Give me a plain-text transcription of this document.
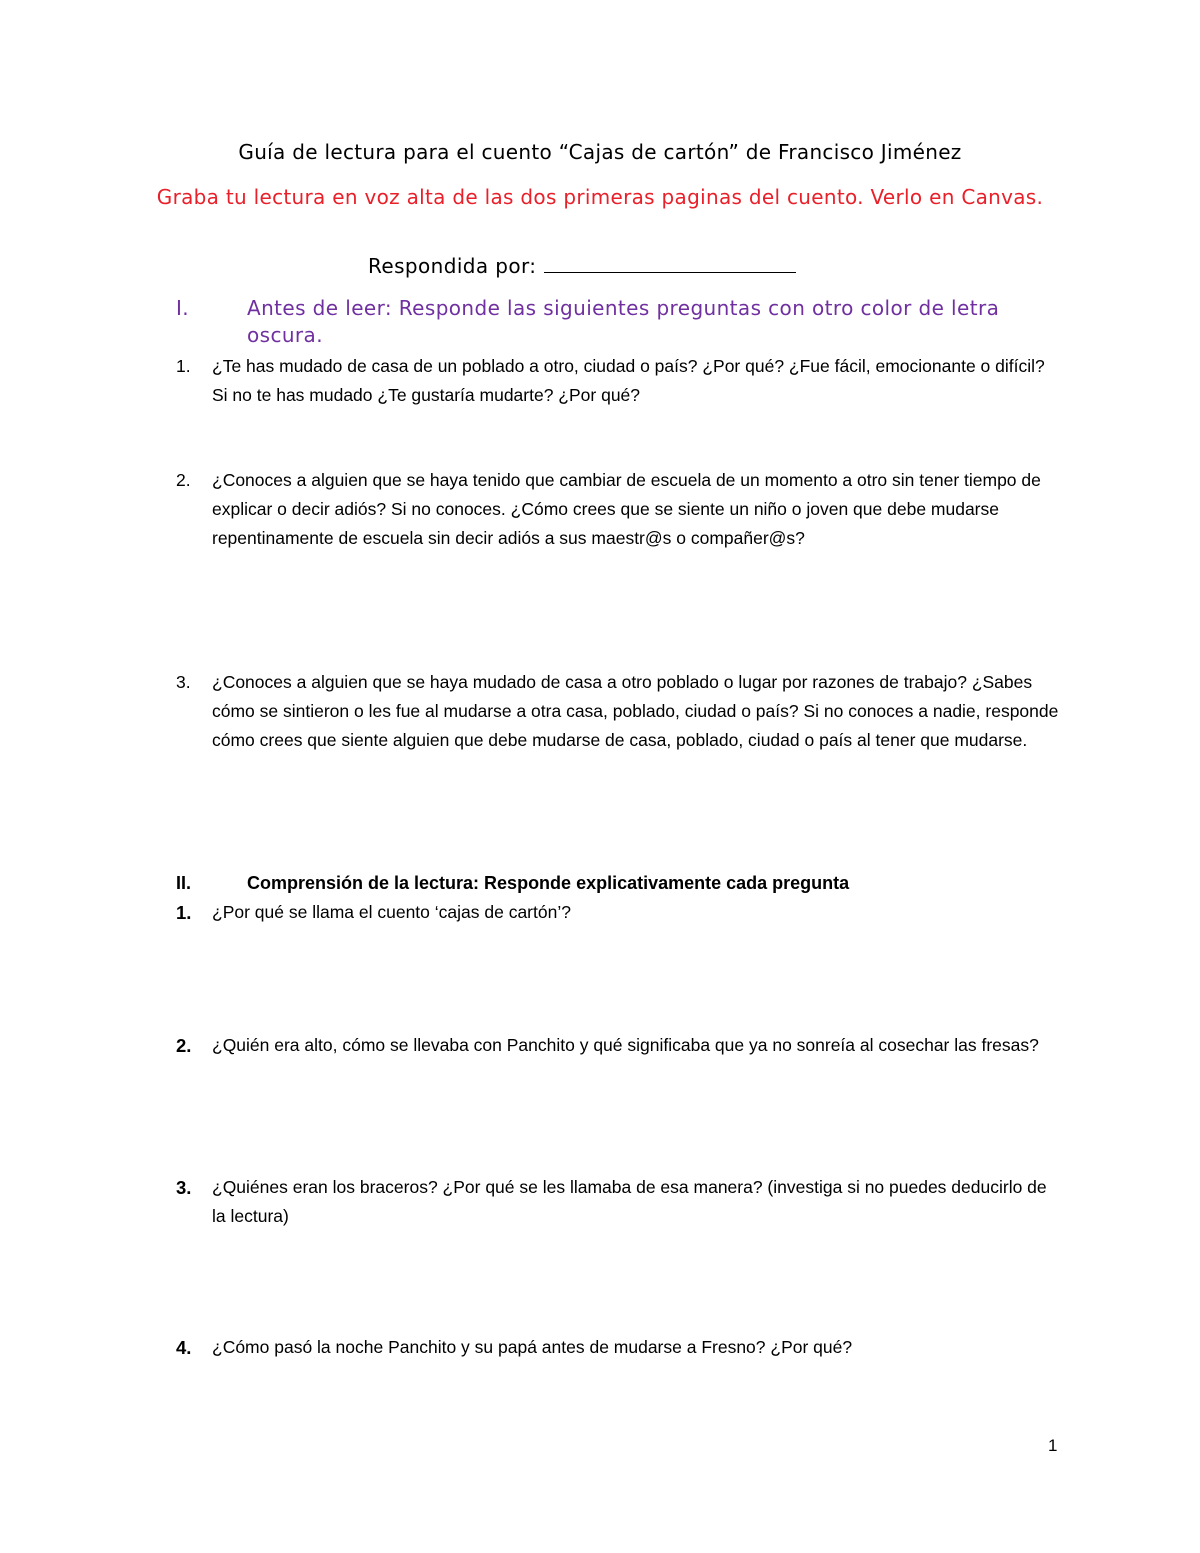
Guía de lectura para el cuento “Cajas de cartón” de Francisco Jiménez
Graba tu lectura en voz alta de las dos primeras paginas del cuento. Verlo en Canvas.
Respondida por:
I.	Antes de leer: Responde las siguientes preguntas con otro color de letra oscura.
1. ¿Te has mudado de casa de un poblado a otro, ciudad o país? ¿Por qué? ¿Fue fácil, emocionante o difícil? Si no te has mudado ¿Te gustaría mudarte? ¿Por qué?
2. ¿Conoces a alguien que se haya tenido que cambiar de escuela de un momento a otro sin tener tiempo de explicar o decir adiós? Si no conoces. ¿Cómo crees que se siente un niño o joven que debe mudarse repentinamente de escuela sin decir adiós a sus maestr@s o compañer@s?
3. ¿Conoces a alguien que se haya mudado de casa a otro poblado o lugar por razones de trabajo? ¿Sabes cómo se sintieron o les fue al mudarse a otra casa, poblado, ciudad o país? Si no conoces a nadie, responde cómo crees que siente alguien que debe mudarse de casa, poblado, ciudad o país al tener que mudarse.
II.	Comprensión de la lectura: Responde explicativamente cada pregunta
1. ¿Por qué se llama el cuento ‘cajas de cartón’?
2. ¿Quién era alto, cómo se llevaba con Panchito y qué significaba que ya no sonreía al cosechar las fresas?
3. ¿Quiénes eran los braceros? ¿Por qué se les llamaba de esa manera? (investiga si no puedes deducirlo de la lectura)
4. ¿Cómo pasó la noche Panchito y su papá antes de mudarse a Fresno? ¿Por qué?
1
